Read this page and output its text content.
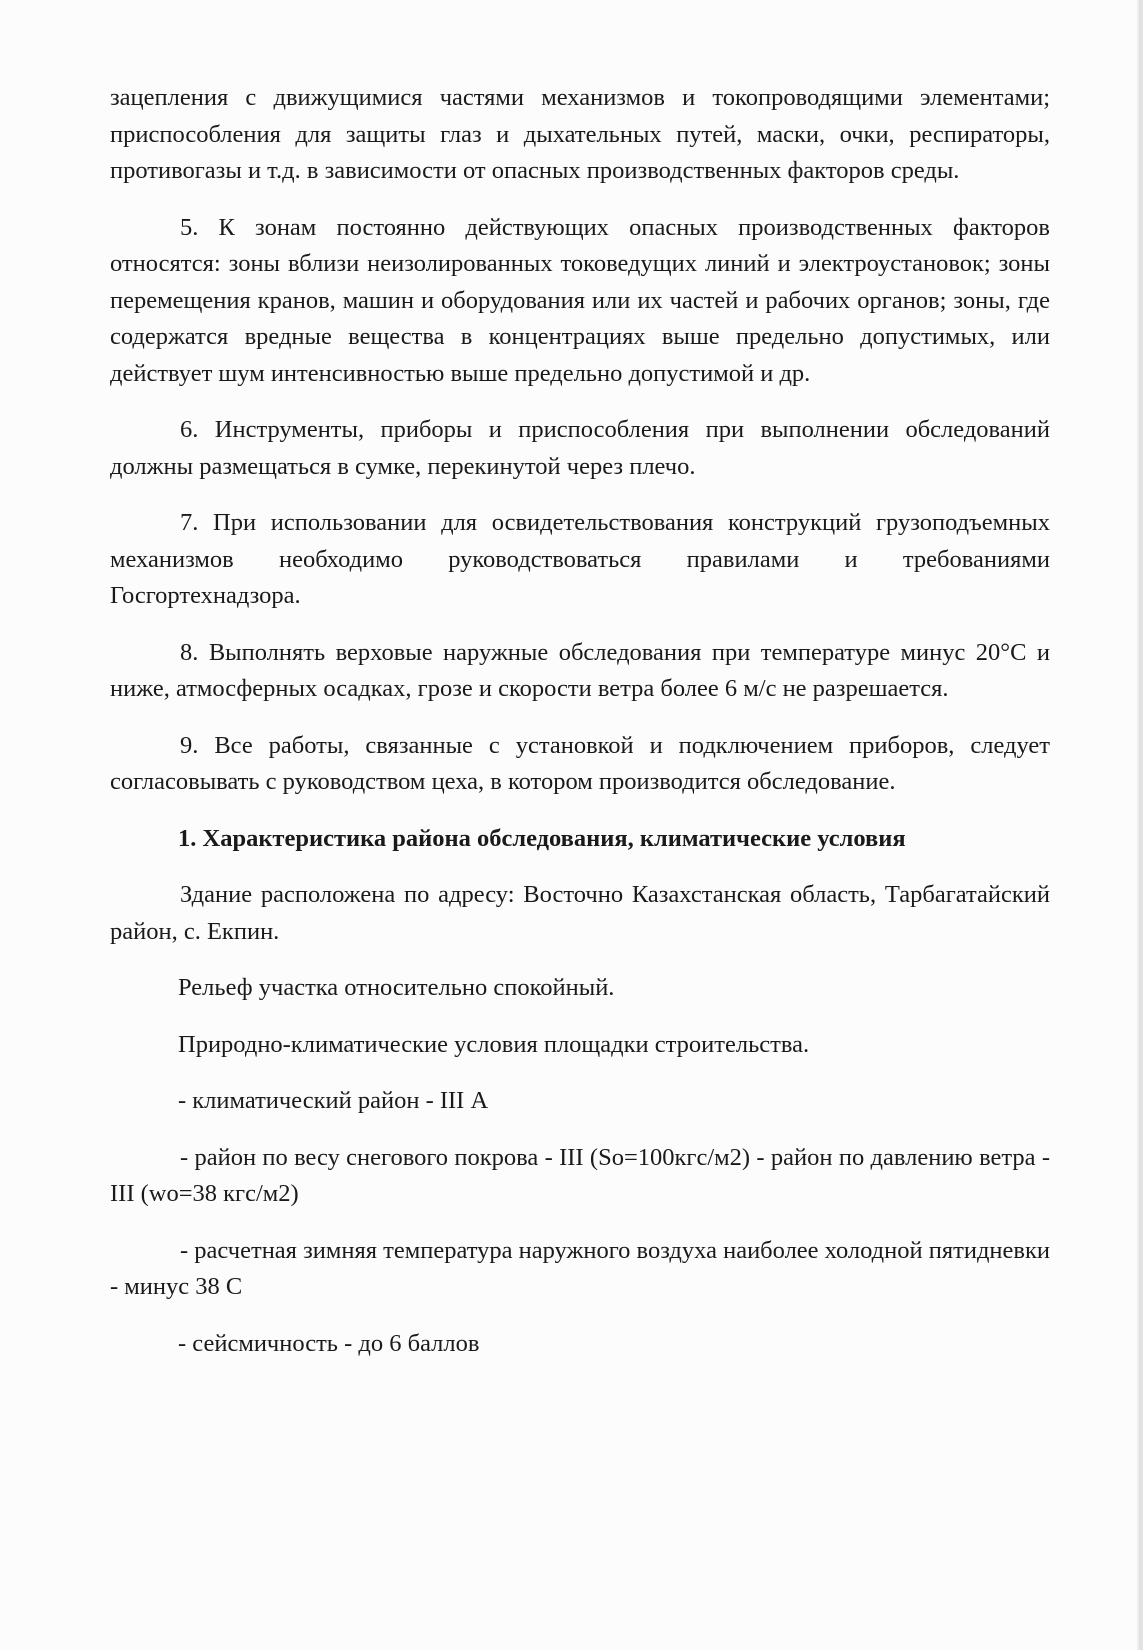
зацепления с движущимися частями механизмов и токопроводящими элементами; приспособления для защиты глаз и дыхательных путей, маски, очки, респираторы, противогазы и т.д. в зависимости от опасных производственных факторов среды.

5. К зонам постоянно действующих опасных производственных факторов относятся: зоны вблизи неизолированных токоведущих линий и электроустановок; зоны перемещения кранов, машин и оборудования или их частей и рабочих органов; зоны, где содержатся вредные вещества в концентрациях выше предельно допустимых, или действует шум интенсивностью выше предельно допустимой и др.

6. Инструменты, приборы и приспособления при выполнении обследований должны размещаться в сумке, перекинутой через плечо.

7. При использовании для освидетельствования конструкций грузоподъемных механизмов необходимо руководствоваться правилами и требованиями Госгортехнадзора.

8. Выполнять верховые наружные обследования при температуре минус 20°С и ниже, атмосферных осадках, грозе и скорости ветра более 6 м/с не разрешается.

9. Все работы, связанные с установкой и подключением приборов, следует согласовывать с руководством цеха, в котором производится обследование.

1. Характеристика района обследования, климатические условия

Здание расположена по адресу: Восточно Казахстанская область, Тарбагатайский район, с. Екпин.

Рельеф участка относительно спокойный.

Природно-климатические условия площадки строительства.

- климатический район - III А

- район по весу снегового покрова - III (So=100кгс/м2) - район по давлению ветра - III (wo=38 кгс/м2)

- расчетная зимняя температура наружного воздуха наиболее холодной пятидневки - минус 38 С

- сейсмичность - до 6 баллов
